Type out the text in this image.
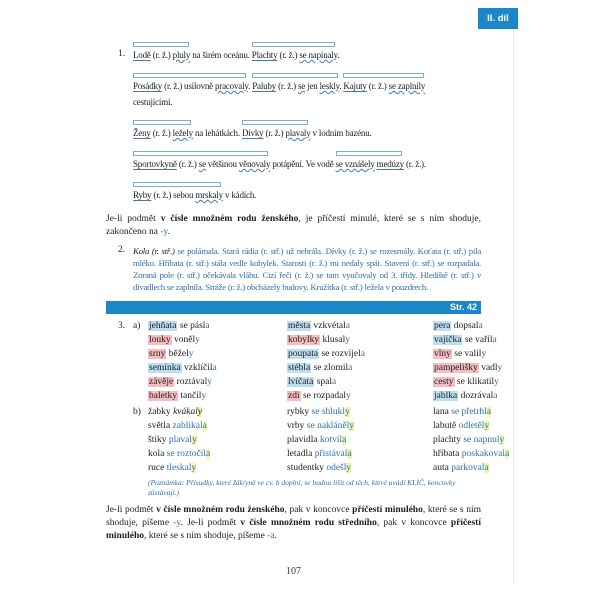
II. díl
1. Lodě (r. ž.) pluly na širém oceánu. Plachty (r. ž.) se napínaly.
Posádky (r. ž.) usilovně pracovaly. Paluby (r. ž.) se jen leskly. Kajuty (r. ž.) se zaplnily
cestujícími.
Ženy (r. ž.) ležely na lehátkách. Dívky (r. ž.) plavaly v lodním bazénu.
Sportovkyně (r. ž.) se většinou věnovaly potápění. Ve vodě se vznášely medúzy (r. ž.).
Ryby (r. ž.) sebou mrskaly v kádích.
Je-li podmět v čísle množném rodu ženského, je příčestí minulé, které se s ním shoduje, zakončeno na -y.
2. Kola (r. stř.) se polámala. Stará rádia (r. stř.) už nehrála. Dívky (r. ž.) se rozesmály. Koťata (r. stř.) pila mléko. Hříbata (r. stř.) stála vedle kobylek. Starosti (r. ž.) mi nedaly spát. Stavení (r. stř.) se rozpadala. Zoraná pole (r. stř.) očekávala vláhu. Cizí řeči (r. ž.) se tam vyučovaly od 3. třídy. Hlediště (r. stř.) v divadlech se zaplnila. Stráže (r. ž.) obcházely budovy. Kružítka (r. stř.) ležela v pouzdrech.
Str. 42
3. a) jehňata se pásla
louky voněly
srny běžely
semínka vzklíčila
závěje roztávaly
baletky tančily
města vzkvétala
kobylky klusaly
poupata se rozvíjela
stébla se zlomila
lvíčata spala
zdi se rozpadaly
pera dopsala
vajíčka se vařila
vlny se valily
pampelišky vadly
cesty se klikatily
jablka dozrávala
b) žabky kvákaly
světla zablikala
štiky plavaly
kola se roztočila
ruce tleskaly
rybky se shlukly
vrby se nakláněly
plavidla kotvila
letadla přistávala
studentky odešly
lana se přetrhla
labutě odletěly
plachty se napnuly
hříbata poskakovala
auta parkovala
(Poznámka: Přísudky, které žák/yně ve cv. b doplní, se budou lišit od těch, které uvádí KLÍČ, koncovky zůstávají.)
Je-li podmět v čísle množném rodu ženského, pak v koncovce příčestí minulého, které se s ním shoduje, píšeme -y. Je-li podmět v čísle množném rodu středního, pak v koncovce příčestí minulého, které se s ním shoduje, píšeme -a.
107
